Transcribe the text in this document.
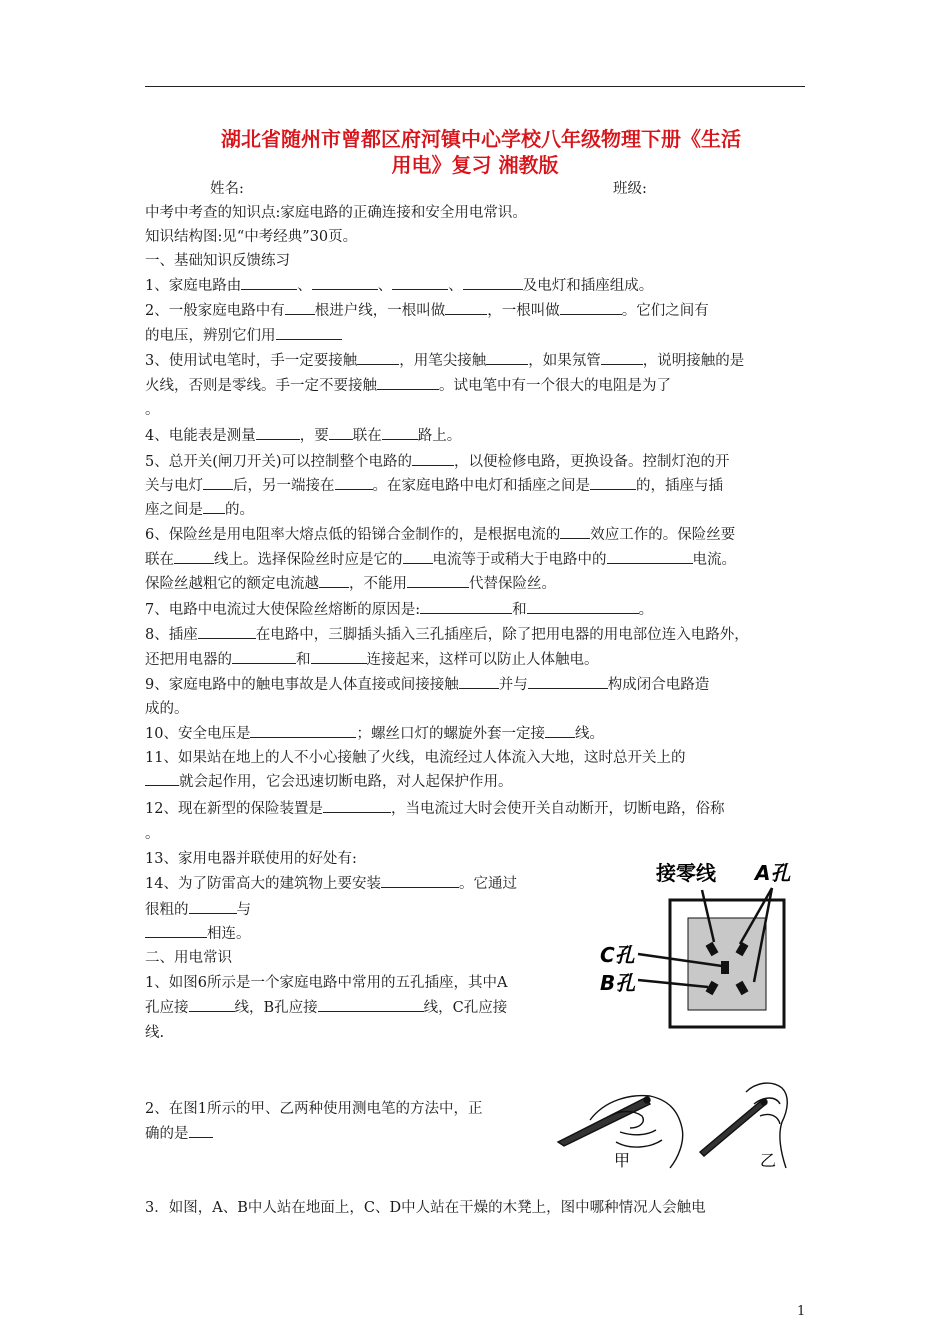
湖北省随州市曾都区府河镇中心学校八年级物理下册《生活
用电》复习 湘教版
姓名:	班级:
中考中考查的知识点:家庭电路的正确连接和安全用电常识。
知识结构图:见“中考经典”30页。
一、基础知识反馈练习
1、家庭电路由	、	、	、	及电灯和插座组成。
2、一般家庭电路中有 根进户线，一根叫做	，一根叫做	。它们之间有
的电压，辨别它们用
3、使用试电笔时，手一定要接触	，用笔尖接触	，如果氖管	，说明接触的是
火线，否则是零线。手一定不要接触	。试电笔中有一个很大的电阻是为了
。
4、电能表是测量	，要 联在 路上。
5、总开关(闸刀开关)可以控制整个电路的	，以便检修电路，更换设备。控制灯泡的开
关与电灯 后，另一端接在	。在家庭电路中电灯和插座之间是	的，插座与插
座之间是 的。
6、保险丝是用电阻率大熔点低的铅锑合金制作的，是根据电流的 效应工作的。保险丝要
联在	线上。选择保险丝时应是它的 电流等于或稍大于电路中的	电流。
保险丝越粗它的额定电流越 ，不能用	代替保险丝。
7、电路中电流过大使保险丝熔断的原因是:	和	。
8、插座	在电路中，三脚插头插入三孔插座后，除了把用电器的用电部位连入电路外，
还把用电器的	和	连接起来，这样可以防止人体触电。
9、家庭电路中的触电事故是人体直接或间接接触	并与	构成闭合电路造
成的。
10、安全电压是	；螺丝口灯的螺旋外套一定接 线。
11、如果站在地上的人不小心接触了火线，电流经过人体流入大地，这时总开关上的
就会起作用，它会迅速切断电路，对人起保护作用。
12、现在新型的保险装置是	，当电流过大时会使开关自动断开，切断电路，俗称
。
13、家用电器并联使用的好处有:
14、为了防雷高大的建筑物上要安装	。它通过
很粗的	与
相连。
二、用电常识
1、如图6所示是一个家庭电路中常用的五孔插座，其中A
孔应接	线，B孔应接	线，C孔应接
线.
接零线 A孔
C孔
B孔
2、在图1所示的甲、乙两种使用测电笔的方法中，正
确的是
甲	乙
3．如图，A、B中人站在地面上，C、D中人站在干燥的木凳上，图中哪种情况人会触电
1
